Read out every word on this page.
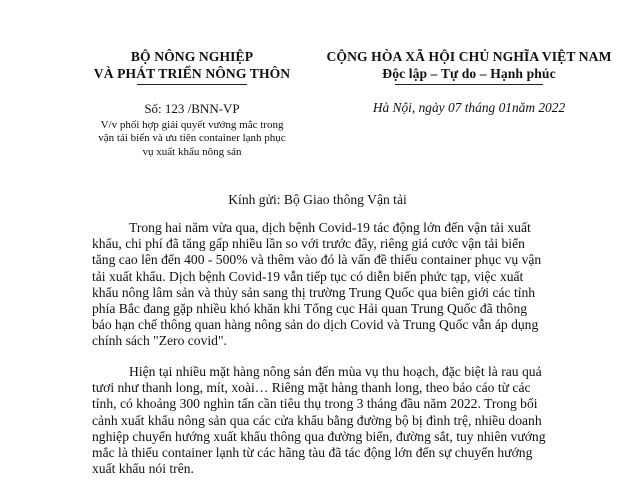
BỘ NÔNG NGHIỆP
VÀ PHÁT TRIỂN NÔNG THÔN
CỘNG HÒA XÃ HỘI CHỦ NGHĨA VIỆT NAM
Độc lập – Tự do – Hạnh phúc
Số: 123 /BNN-VP
V/v phối hợp giải quyết vướng mắc trong
vận tải biển và ưu tiên container lạnh phục
vụ xuất khẩu nông sản
Hà Nội, ngày 07 tháng 01năm 2022
Kính gửi: Bộ Giao thông Vận tải
Trong hai năm vừa qua, dịch bệnh Covid-19 tác động lớn đến vận tải xuất
khẩu, chi phí đã tăng gấp nhiều lần so với trước đây, riêng giá cước vận tải biển
tăng cao lên đến 400 - 500% và thêm vào đó là vấn đề thiếu container phục vụ vận
tải xuất khẩu. Dịch bệnh Covid-19 vẫn tiếp tục có diễn biến phức tạp, việc xuất
khẩu nông lâm sản và thủy sản sang thị trường Trung Quốc qua biên giới các tỉnh
phía Bắc đang gặp nhiều khó khăn khi Tổng cục Hải quan Trung Quốc đã thông
báo hạn chế thông quan hàng nông sản do dịch Covid và Trung Quốc vẫn áp dụng
chính sách "Zero covid".
Hiện tại nhiều mặt hàng nông sản đến mùa vụ thu hoạch, đặc biệt là rau quả
tươi như thanh long, mít, xoài… Riêng mặt hàng thanh long, theo báo cáo từ các
tỉnh, có khoảng 300 nghìn tấn cần tiêu thụ trong 3 tháng đầu năm 2022. Trong bối
cảnh xuất khẩu nông sản qua các cửa khẩu bằng đường bộ bị đình trệ, nhiều doanh
nghiệp chuyển hướng xuất khẩu thông qua đường biển, đường sắt, tuy nhiên vướng
mắc là thiếu container lạnh từ các hãng tàu đã tác động lớn đến sự chuyển hướng
xuất khẩu nói trên.
